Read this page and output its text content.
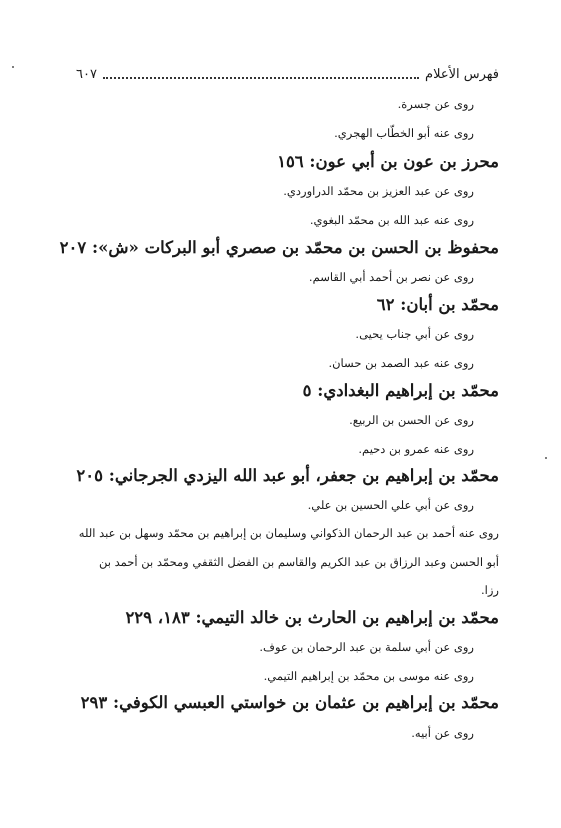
فهرس الأعلام
٦٠٧
روى عن جسرة.
روى عنه أبو الخطّاب الهجري.
محرز بن عون بن أبي عون: ١٥٦
روى عن عبد العزيز بن محمّد الدراوردي.
روى عنه عبد الله بن محمّد البغوي.
محفوظ بن الحسن بن محمّد بن صصري أبو البركات «ش»: ٢٠٧
روى عن نصر بن أحمد أبي القاسم.
محمّد بن أبان: ٦٢
روى عن أبي جناب يحيى.
روى عنه عبد الصمد بن حسان.
محمّد بن إبراهيم البغدادي: ٥
روى عن الحسن بن الربيع.
روى عنه عمرو بن دحيم.
محمّد بن إبراهيم بن جعفر، أبو عبد الله اليزدي الجرجاني: ٢٠٥
روى عن أبي علي الحسين بن علي.
روى عنه أحمد بن عبد الرحمان الذكواني وسليمان بن إبراهيم بن محمّد وسهل بن عبد الله
أبو الحسن وعبد الرزاق بن عبد الكريم والقاسم بن الفضل الثقفي ومحمّد بن أحمد بن
رزا.
محمّد بن إبراهيم بن الحارث بن خالد التيمي: ١٨٣، ٢٢٩
روى عن أبي سلمة بن عبد الرحمان بن عوف.
روى عنه موسى بن محمّد بن إبراهيم التيمي.
محمّد بن إبراهيم بن عثمان بن خواستي العبسي الكوفي: ٢٩٣
روى عن أبيه.
